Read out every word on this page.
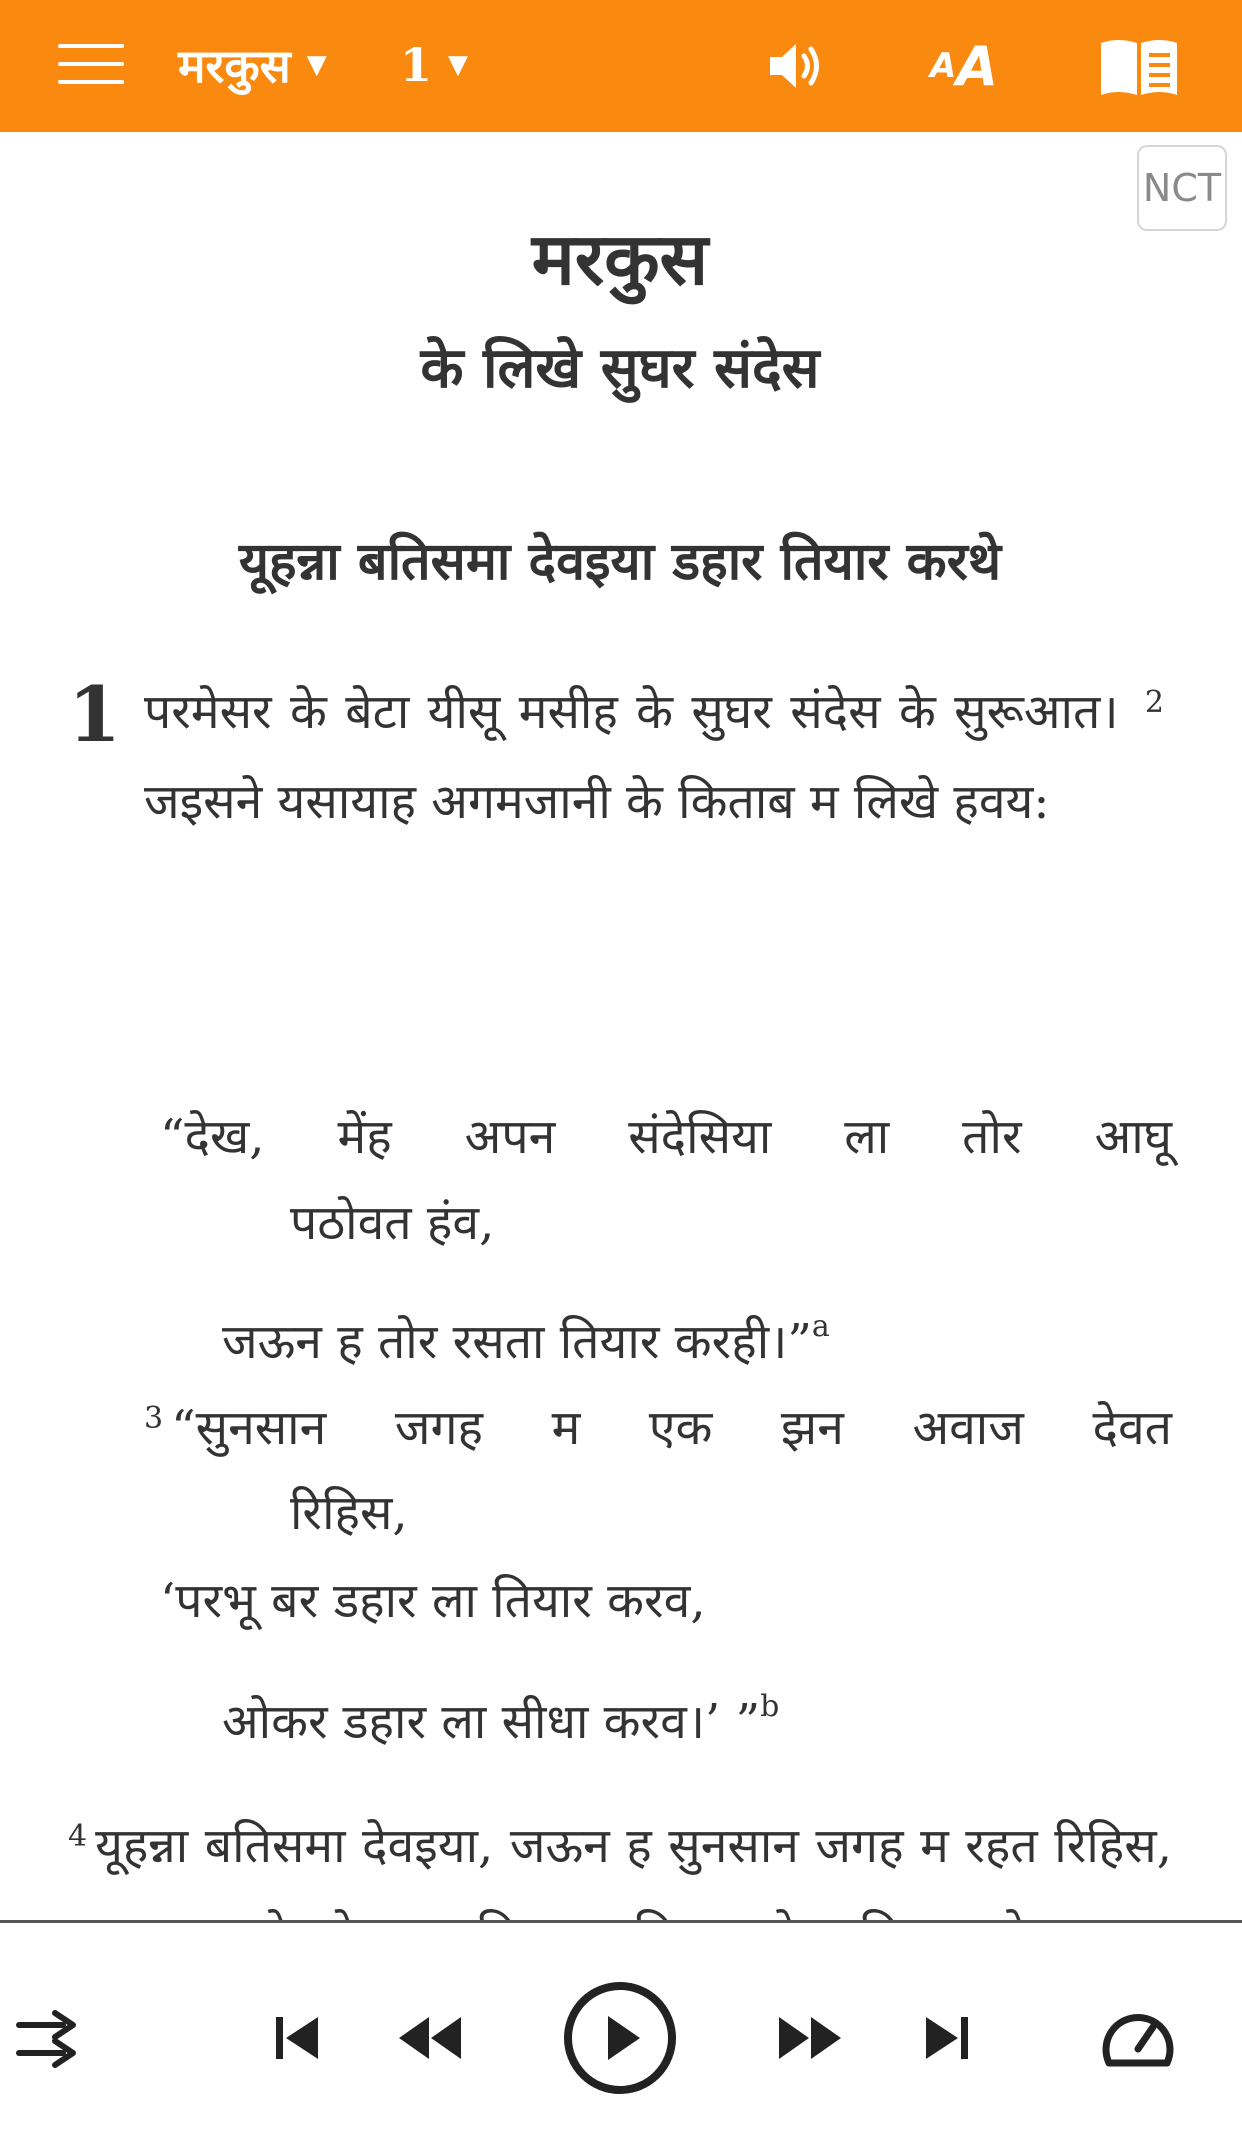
मरकुस ▼ 1 ▼	A A
NCT
मरकुस
के लिखे सुघर संदेस
यूहन्ना बतिसमा देवइया डहार तियार करथे
1 परमेसर के बेटा यीसू मसीह के सुघर संदेस के सुरूआत। $^2$ जइसने यसायाह अगमजानी के किताब म लिखे हवय:
“देख, मेंह अपन संदेसिया ला तोर आघू
पठोवत हंव,
जऊन ह तोर रसता तियार करही।”$^a$
$^3$ “सुनसान जगह म एक झन अवाज देवत
रिहिस,
‘परभू बर डहार ला तियार करव,
ओकर डहार ला सीधा करव।’ ”$^b$
$^4$ यूहन्ना बतिसमा देवइया, जऊन ह सुनसान जगह म रहत रिहिस,
